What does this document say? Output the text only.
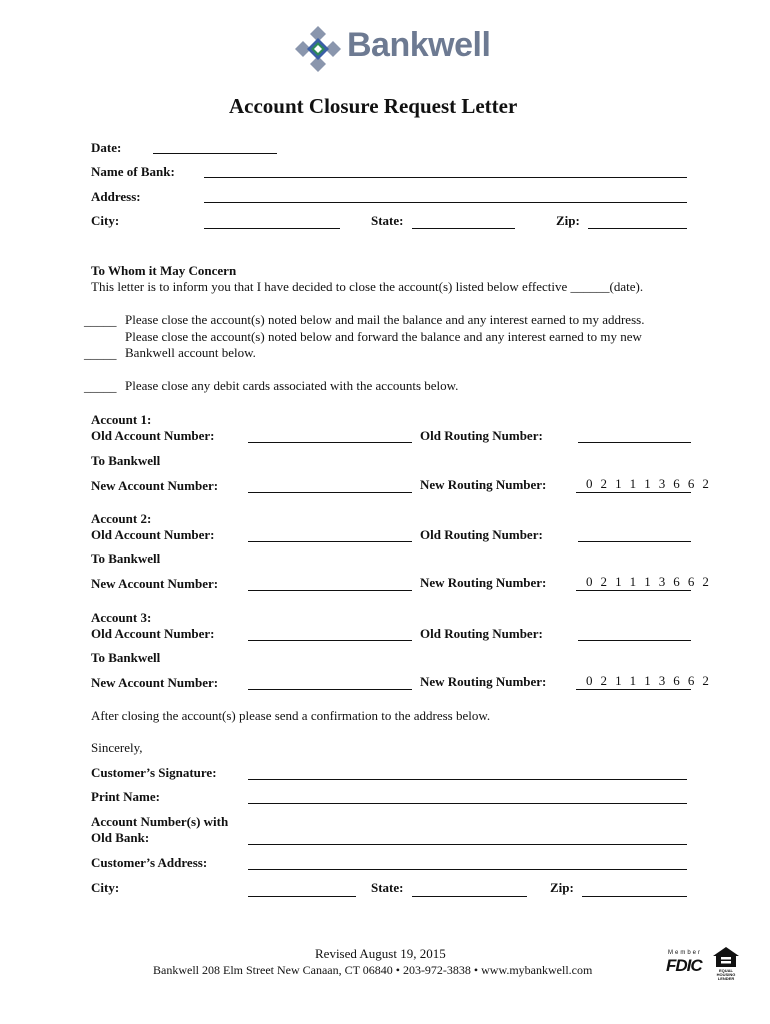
Bankwell
Account Closure Request Letter
Date:
Name of Bank:
Address:
City:	State:	Zip:
To Whom it May Concern
This letter is to inform you that I have decided to close the account(s) listed below effective ______(date).
_____ Please close the account(s) noted below and mail the balance and any interest earned to my address.
Please close the account(s) noted below and forward the balance and any interest earned to my new
_____ Bankwell account below.
_____ Please close any debit cards associated with the accounts below.
Account 1:
Old Account Number:	Old Routing Number:
To Bankwell
New Account Number:	New Routing Number:	0 2 1 1 1 3 6 6 2
Account 2:
Old Account Number:	Old Routing Number:
To Bankwell
New Account Number:	New Routing Number:	0 2 1 1 1 3 6 6 2
Account 3:
Old Account Number:	Old Routing Number:
To Bankwell
New Account Number:	New Routing Number:	0 2 1 1 1 3 6 6 2
After closing the account(s) please send a confirmation to the address below.
Sincerely,
Customer’s Signature:
Print Name:
Account Number(s) with
Old Bank:
Customer’s Address:
City:	State:	Zip:
Revised August 19, 2015
Bankwell 208 Elm Street New Canaan, CT 06840 • 203-972-3838 • www.mybankwell.com
Member
FDIC	EQUAL HOUSING LENDER
